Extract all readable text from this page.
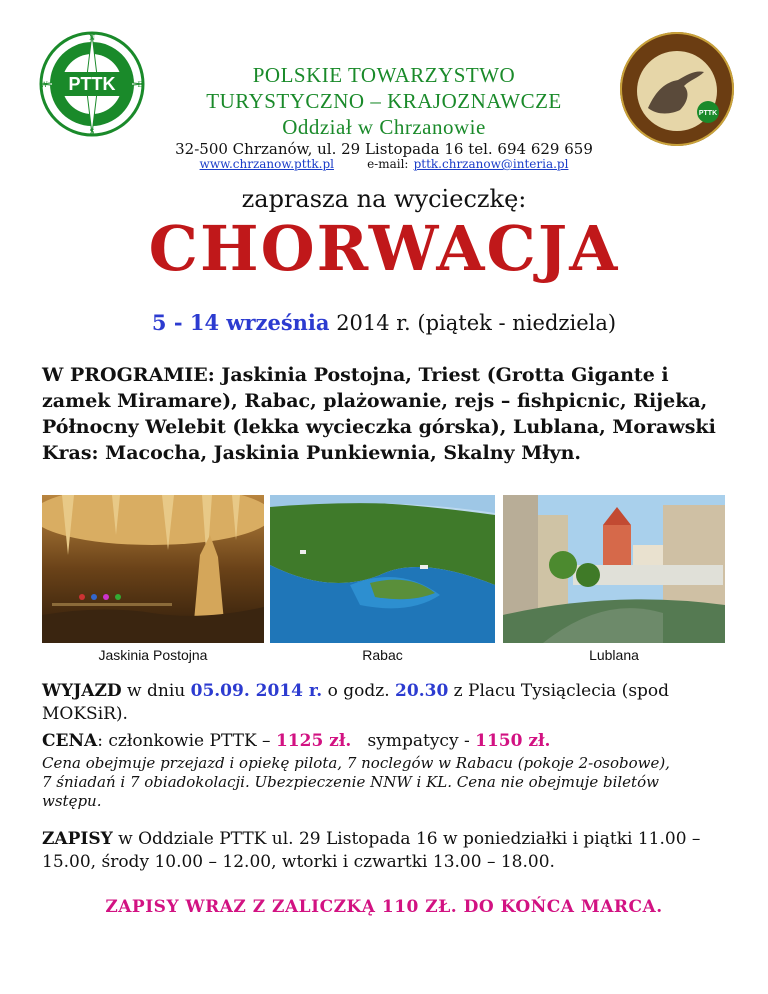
PTTK
N
S
W	E
PTTK
POLSKIE TOWARZYSTWO
TURYSTYCZNO – KRAJOZNAWCZE
Oddział w Chrzanowie
32-500 Chrzanów, ul. 29 Listopada 16 tel. 694 629 659
www.chrzanow.pttk.pl	e-mail: pttk.chrzanow@interia.pl
zaprasza na wycieczkę:
CHORWACJA
5 - 14 września 2014 r. (piątek - niedziela)
W PROGRAMIE: Jaskinia Postojna, Triest (Grotta Gigante i zamek Miramare), Rabac, plażowanie, rejs – fishpicnic, Rijeka, Północny Welebit (lekka wycieczka górska), Lublana, Morawski Kras: Macocha, Jaskinia Punkiewnia, Skalny Młyn.
Jaskinia Postojna	Rabac	Lublana
WYJAZD w dniu 05.09. 2014 r. o godz. 20.30 z Placu Tysiąclecia (spod MOKSiR).
CENA: członkowie PTTK – 1125 zł.   sympatycy - 1150 zł.
Cena obejmuje przejazd i opiekę pilota, 7 noclegów w Rabacu (pokoje 2-osobowe), 7 śniadań i 7 obiadokolacji. Ubezpieczenie NNW i KL. Cena nie obejmuje biletów wstępu.
ZAPISY w Oddziale PTTK ul. 29 Listopada 16 w poniedziałki i piątki 11.00 – 15.00, środy 10.00 – 12.00, wtorki i czwartki 13.00 – 18.00.
ZAPISY WRAZ Z ZALICZKĄ 110 ZŁ. DO KOŃCA MARCA.
